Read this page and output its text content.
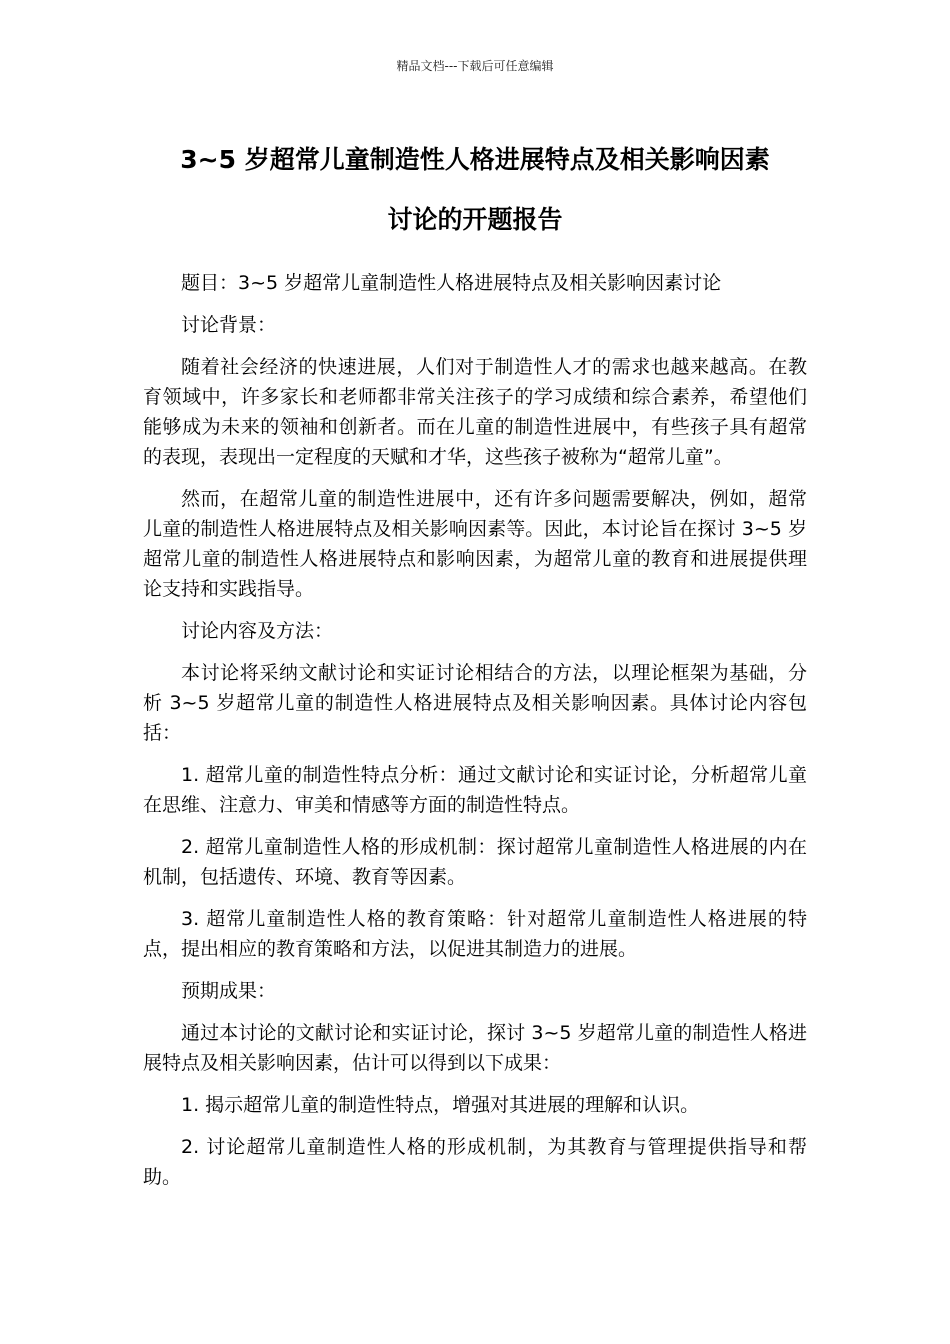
精品文档---下载后可任意编辑
3~5 岁超常儿童制造性人格进展特点及相关影响因素
讨论的开题报告

题目：3~5 岁超常儿童制造性人格进展特点及相关影响因素讨论

讨论背景：

随着社会经济的快速进展，人们对于制造性人才的需求也越来越高。在教育领域中，许多家长和老师都非常关注孩子的学习成绩和综合素养，希望他们能够成为未来的领袖和创新者。而在儿童的制造性进展中，有些孩子具有超常的表现，表现出一定程度的天赋和才华，这些孩子被称为“超常儿童”。

然而，在超常儿童的制造性进展中，还有许多问题需要解决，例如，超常儿童的制造性人格进展特点及相关影响因素等。因此，本讨论旨在探讨 3~5 岁超常儿童的制造性人格进展特点和影响因素，为超常儿童的教育和进展提供理论支持和实践指导。

讨论内容及方法：

本讨论将采纳文献讨论和实证讨论相结合的方法，以理论框架为基础，分析 3~5 岁超常儿童的制造性人格进展特点及相关影响因素。具体讨论内容包括：

1. 超常儿童的制造性特点分析：通过文献讨论和实证讨论，分析超常儿童在思维、注意力、审美和情感等方面的制造性特点。

2. 超常儿童制造性人格的形成机制：探讨超常儿童制造性人格进展的内在机制，包括遗传、环境、教育等因素。

3. 超常儿童制造性人格的教育策略：针对超常儿童制造性人格进展的特点，提出相应的教育策略和方法，以促进其制造力的进展。

预期成果：

通过本讨论的文献讨论和实证讨论，探讨 3~5 岁超常儿童的制造性人格进展特点及相关影响因素，估计可以得到以下成果：

1. 揭示超常儿童的制造性特点，增强对其进展的理解和认识。

2. 讨论超常儿童制造性人格的形成机制，为其教育与管理提供指导和帮助。
